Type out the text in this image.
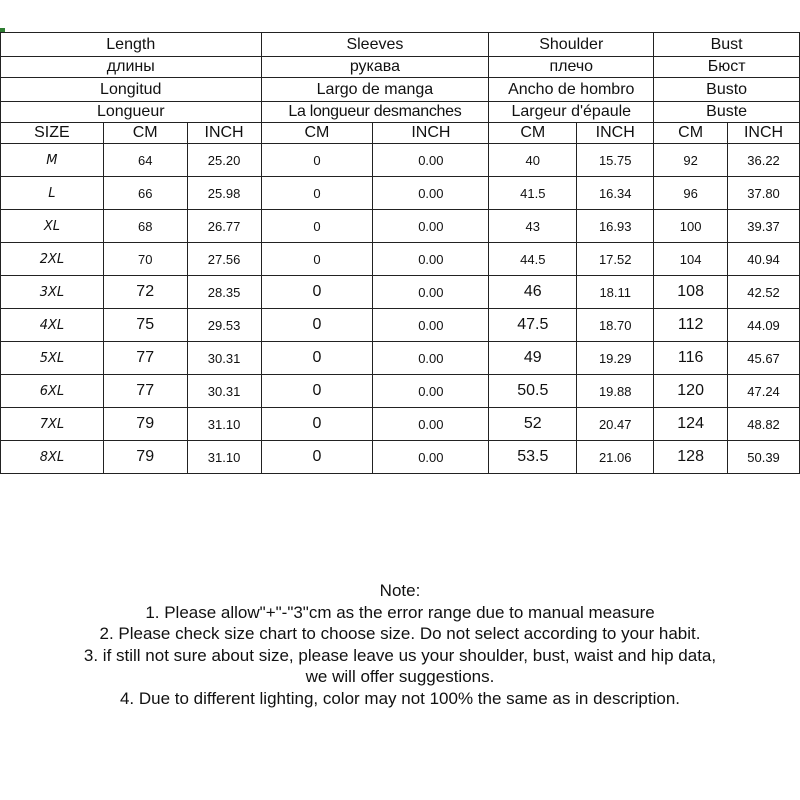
Length			Sleeves		Shoulder		Bust	
длины			рукава		плечо		Бюст	
Longitud			Largo de manga		Ancho de hombro		Busto	
Longueur			La longueur desmanches		Largeur d'épaule		Buste	
SIZE	CM	INCH	CM	INCH	CM	INCH	CM	INCH
M	64	25.20	0	0.00	40	15.75	92	36.22
L	66	25.98	0	0.00	41.5	16.34	96	37.80
XL	68	26.77	0	0.00	43	16.93	100	39.37
2XL	70	27.56	0	0.00	44.5	17.52	104	40.94
3XL	72	28.35	0	0.00	46	18.11	108	42.52
4XL	75	29.53	0	0.00	47.5	18.70	112	44.09
5XL	77	30.31	0	0.00	49	19.29	116	45.67
6XL	77	30.31	0	0.00	50.5	19.88	120	47.24
7XL	79	31.10	0	0.00	52	20.47	124	48.82
8XL	79	31.10	0	0.00	53.5	21.06	128	50.39
Note:
1. Please allow"+"-"3"cm as the error range due to manual measure
2. Please check size chart to choose size. Do not select according to your habit.
3. if still not sure about size, please leave us your shoulder, bust, waist and hip data,
we will offer suggestions.
4. Due to different lighting, color may not 100% the same as in description.
